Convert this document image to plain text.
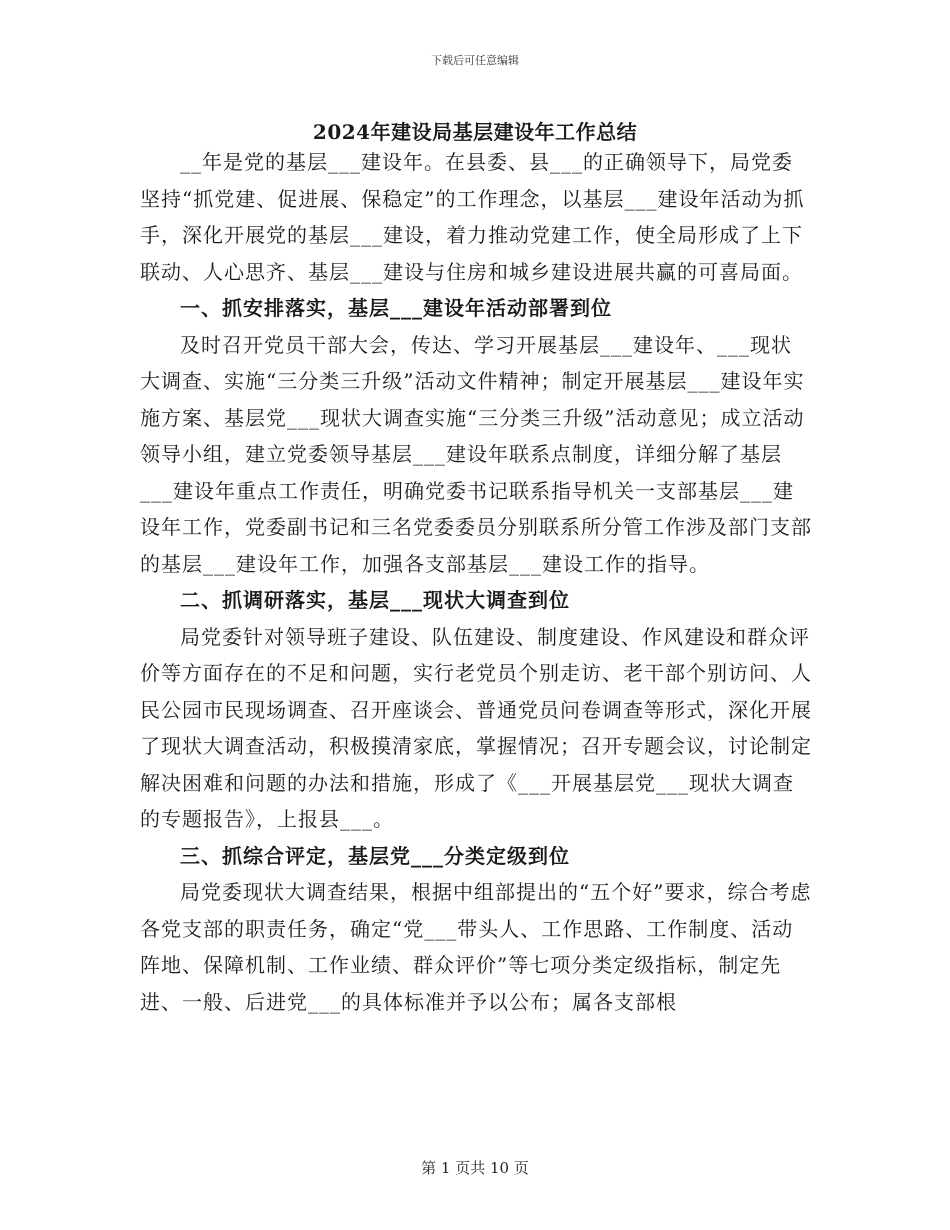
下载后可任意编辑
2024年建设局基层建设年工作总结

__年是党的基层___建设年。在县委、县___的正确领导下，局党委坚持“抓党建、促进展、保稳定”的工作理念，以基层___建设年活动为抓手，深化开展党的基层___建设，着力推动党建工作，使全局形成了上下联动、人心思齐、基层___建设与住房和城乡建设进展共赢的可喜局面。

一、抓安排落实，基层___建设年活动部署到位

及时召开党员干部大会，传达、学习开展基层___建设年、___现状大调查、实施“三分类三升级”活动文件精神；制定开展基层___建设年实施方案、基层党___现状大调查实施“三分类三升级”活动意见；成立活动领导小组，建立党委领导基层___建设年联系点制度，详细分解了基层___建设年重点工作责任，明确党委书记联系指导机关一支部基层___建设年工作，党委副书记和三名党委委员分别联系所分管工作涉及部门支部的基层___建设年工作，加强各支部基层___建设工作的指导。

二、抓调研落实，基层___现状大调查到位

局党委针对领导班子建设、队伍建设、制度建设、作风建设和群众评价等方面存在的不足和问题，实行老党员个别走访、老干部个别访问、人民公园市民现场调查、召开座谈会、普通党员问卷调查等形式，深化开展了现状大调查活动，积极摸清家底，掌握情况；召开专题会议，讨论制定解决困难和问题的办法和措施，形成了《___开展基层党___现状大调查的专题报告》，上报县___。

三、抓综合评定，基层党___分类定级到位

局党委现状大调查结果，根据中组部提出的“五个好”要求，综合考虑各党支部的职责任务，确定“党___带头人、工作思路、工作制度、活动阵地、保障机制、工作业绩、群众评价”等七项分类定级指标，制定先进、一般、后进党___的具体标准并予以公布；属各支部根

第 1 页共 10 页
